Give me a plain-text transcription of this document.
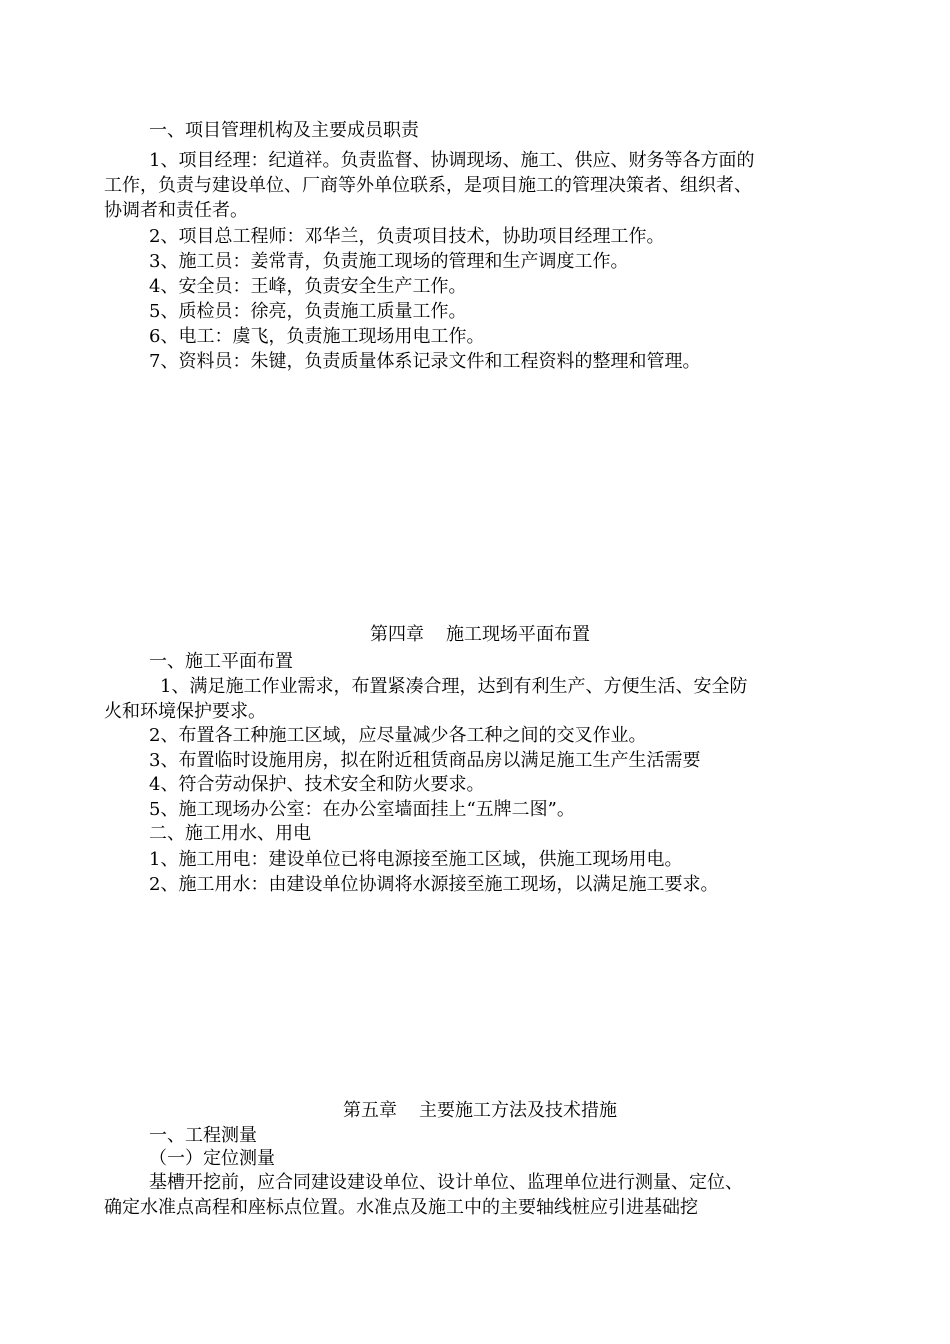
一、项目管理机构及主要成员职责
1、项目经理：纪道祥。负责监督、协调现场、施工、供应、财务等各方面的
工作，负责与建设单位、厂商等外单位联系，是项目施工的管理决策者、组织者、
协调者和责任者。
2、项目总工程师：邓华兰，负责项目技术，协助项目经理工作。
3、施工员：姜常青，负责施工现场的管理和生产调度工作。
4、安全员：王峰，负责安全生产工作。
5、质检员：徐亮，负责施工质量工作。
6、电工：虞飞，负责施工现场用电工作。
7、资料员：朱键，负责质量体系记录文件和工程资料的整理和管理。
第四章 施工现场平面布置
一、施工平面布置
1、满足施工作业需求，布置紧凑合理，达到有利生产、方便生活、安全防
火和环境保护要求。
2、布置各工种施工区域，应尽量减少各工种之间的交叉作业。
3、布置临时设施用房，拟在附近租赁商品房以满足施工生产生活需要
4、符合劳动保护、技术安全和防火要求。
5、施工现场办公室：在办公室墙面挂上“五牌二图”。
二、施工用水、用电
1、施工用电：建设单位已将电源接至施工区域，供施工现场用电。
2、施工用水：由建设单位协调将水源接至施工现场，以满足施工要求。
第五章 主要施工方法及技术措施
一、工程测量
（一）定位测量
基槽开挖前，应合同建设建设单位、设计单位、监理单位进行测量、定位、
确定水准点高程和座标点位置。水准点及施工中的主要轴线桩应引进基础挖
